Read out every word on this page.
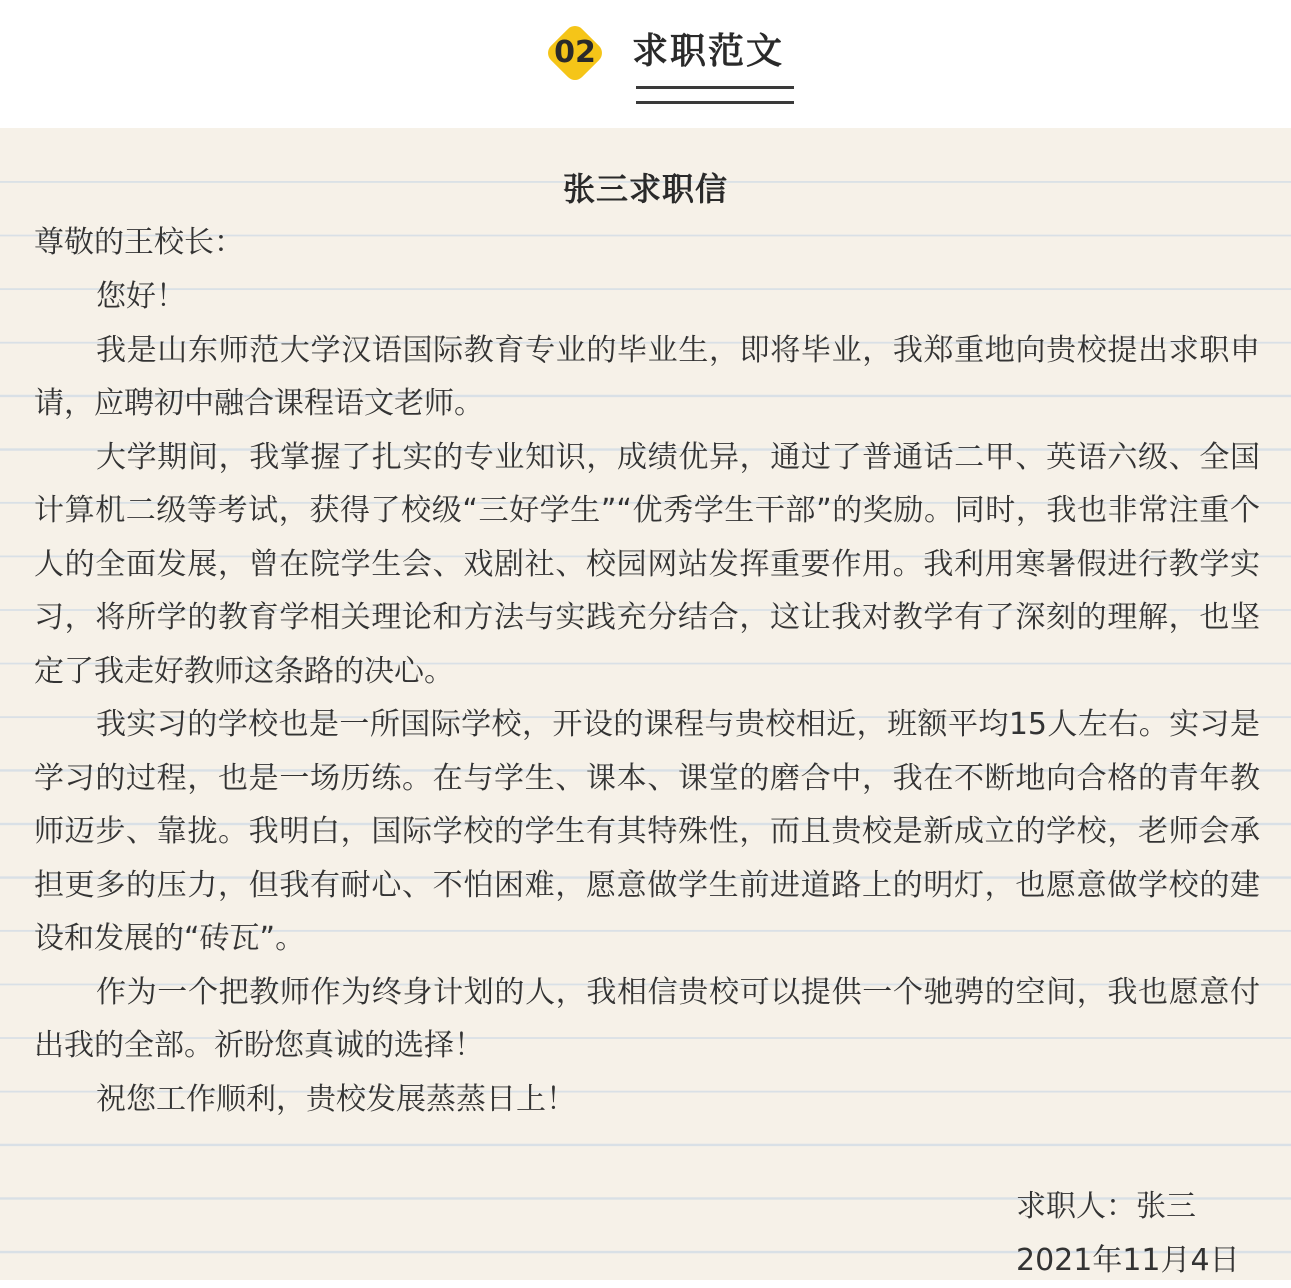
02	求职范文
张三求职信
尊敬的王校长：

您好！

我是山东师范大学汉语国际教育专业的毕业生，即将毕业，我郑重地向贵校提出求职申请，应聘初中融合课程语文老师。

大学期间，我掌握了扎实的专业知识，成绩优异，通过了普通话二甲、英语六级、全国计算机二级等考试，获得了校级“三好学生”“优秀学生干部”的奖励。同时，我也非常注重个人的全面发展，曾在院学生会、戏剧社、校园网站发挥重要作用。我利用寒暑假进行教学实习，将所学的教育学相关理论和方法与实践充分结合，这让我对教学有了深刻的理解，也坚定了我走好教师这条路的决心。

我实习的学校也是一所国际学校，开设的课程与贵校相近，班额平均15人左右。实习是学习的过程，也是一场历练。在与学生、课本、课堂的磨合中，我在不断地向合格的青年教师迈步、靠拢。我明白，国际学校的学生有其特殊性，而且贵校是新成立的学校，老师会承担更多的压力，但我有耐心、不怕困难，愿意做学生前进道路上的明灯，也愿意做学校的建设和发展的“砖瓦”。

作为一个把教师作为终身计划的人，我相信贵校可以提供一个驰骋的空间，我也愿意付出我的全部。祈盼您真诚的选择！

祝您工作顺利，贵校发展蒸蒸日上！

求职人：张三
2021年11月4日
